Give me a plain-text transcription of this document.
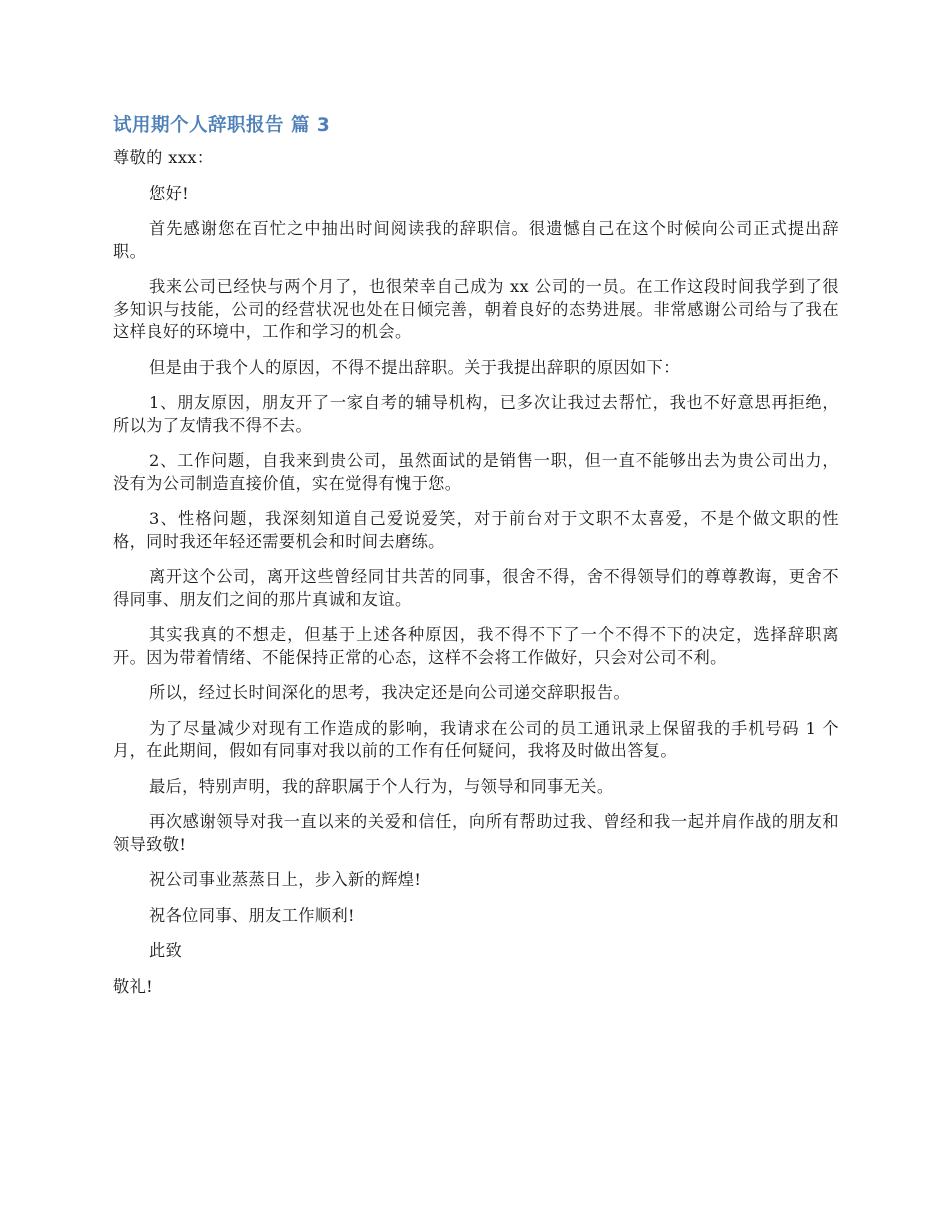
试用期个人辞职报告 篇 3
尊敬的 xxx：
您好!
首先感谢您在百忙之中抽出时间阅读我的辞职信。很遗憾自己在这个时候向公司正式提出辞职。
我来公司已经快与两个月了，也很荣幸自己成为 xx 公司的一员。在工作这段时间我学到了很多知识与技能，公司的经营状况也处在日倾完善，朝着良好的态势进展。非常感谢公司给与了我在这样良好的环境中，工作和学习的机会。
但是由于我个人的原因，不得不提出辞职。关于我提出辞职的原因如下：
1、朋友原因，朋友开了一家自考的辅导机构，已多次让我过去帮忙，我也不好意思再拒绝，所以为了友情我不得不去。
2、工作问题，自我来到贵公司，虽然面试的是销售一职，但一直不能够出去为贵公司出力，没有为公司制造直接价值，实在觉得有愧于您。
3、性格问题，我深刻知道自己爱说爱笑，对于前台对于文职不太喜爱，不是个做文职的性格，同时我还年轻还需要机会和时间去磨练。
离开这个公司，离开这些曾经同甘共苦的同事，很舍不得，舍不得领导们的尊尊教诲，更舍不得同事、朋友们之间的那片真诚和友谊。
其实我真的不想走，但基于上述各种原因，我不得不下了一个不得不下的决定，选择辞职离开。因为带着情绪、不能保持正常的心态，这样不会将工作做好，只会对公司不利。
所以，经过长时间深化的思考，我决定还是向公司递交辞职报告。
为了尽量减少对现有工作造成的影响，我请求在公司的员工通讯录上保留我的手机号码 1 个月，在此期间，假如有同事对我以前的工作有任何疑问，我将及时做出答复。
最后，特别声明，我的辞职属于个人行为，与领导和同事无关。
再次感谢领导对我一直以来的关爱和信任，向所有帮助过我、曾经和我一起并肩作战的朋友和领导致敬!
祝公司事业蒸蒸日上，步入新的辉煌!
祝各位同事、朋友工作顺利!
此致
敬礼!
